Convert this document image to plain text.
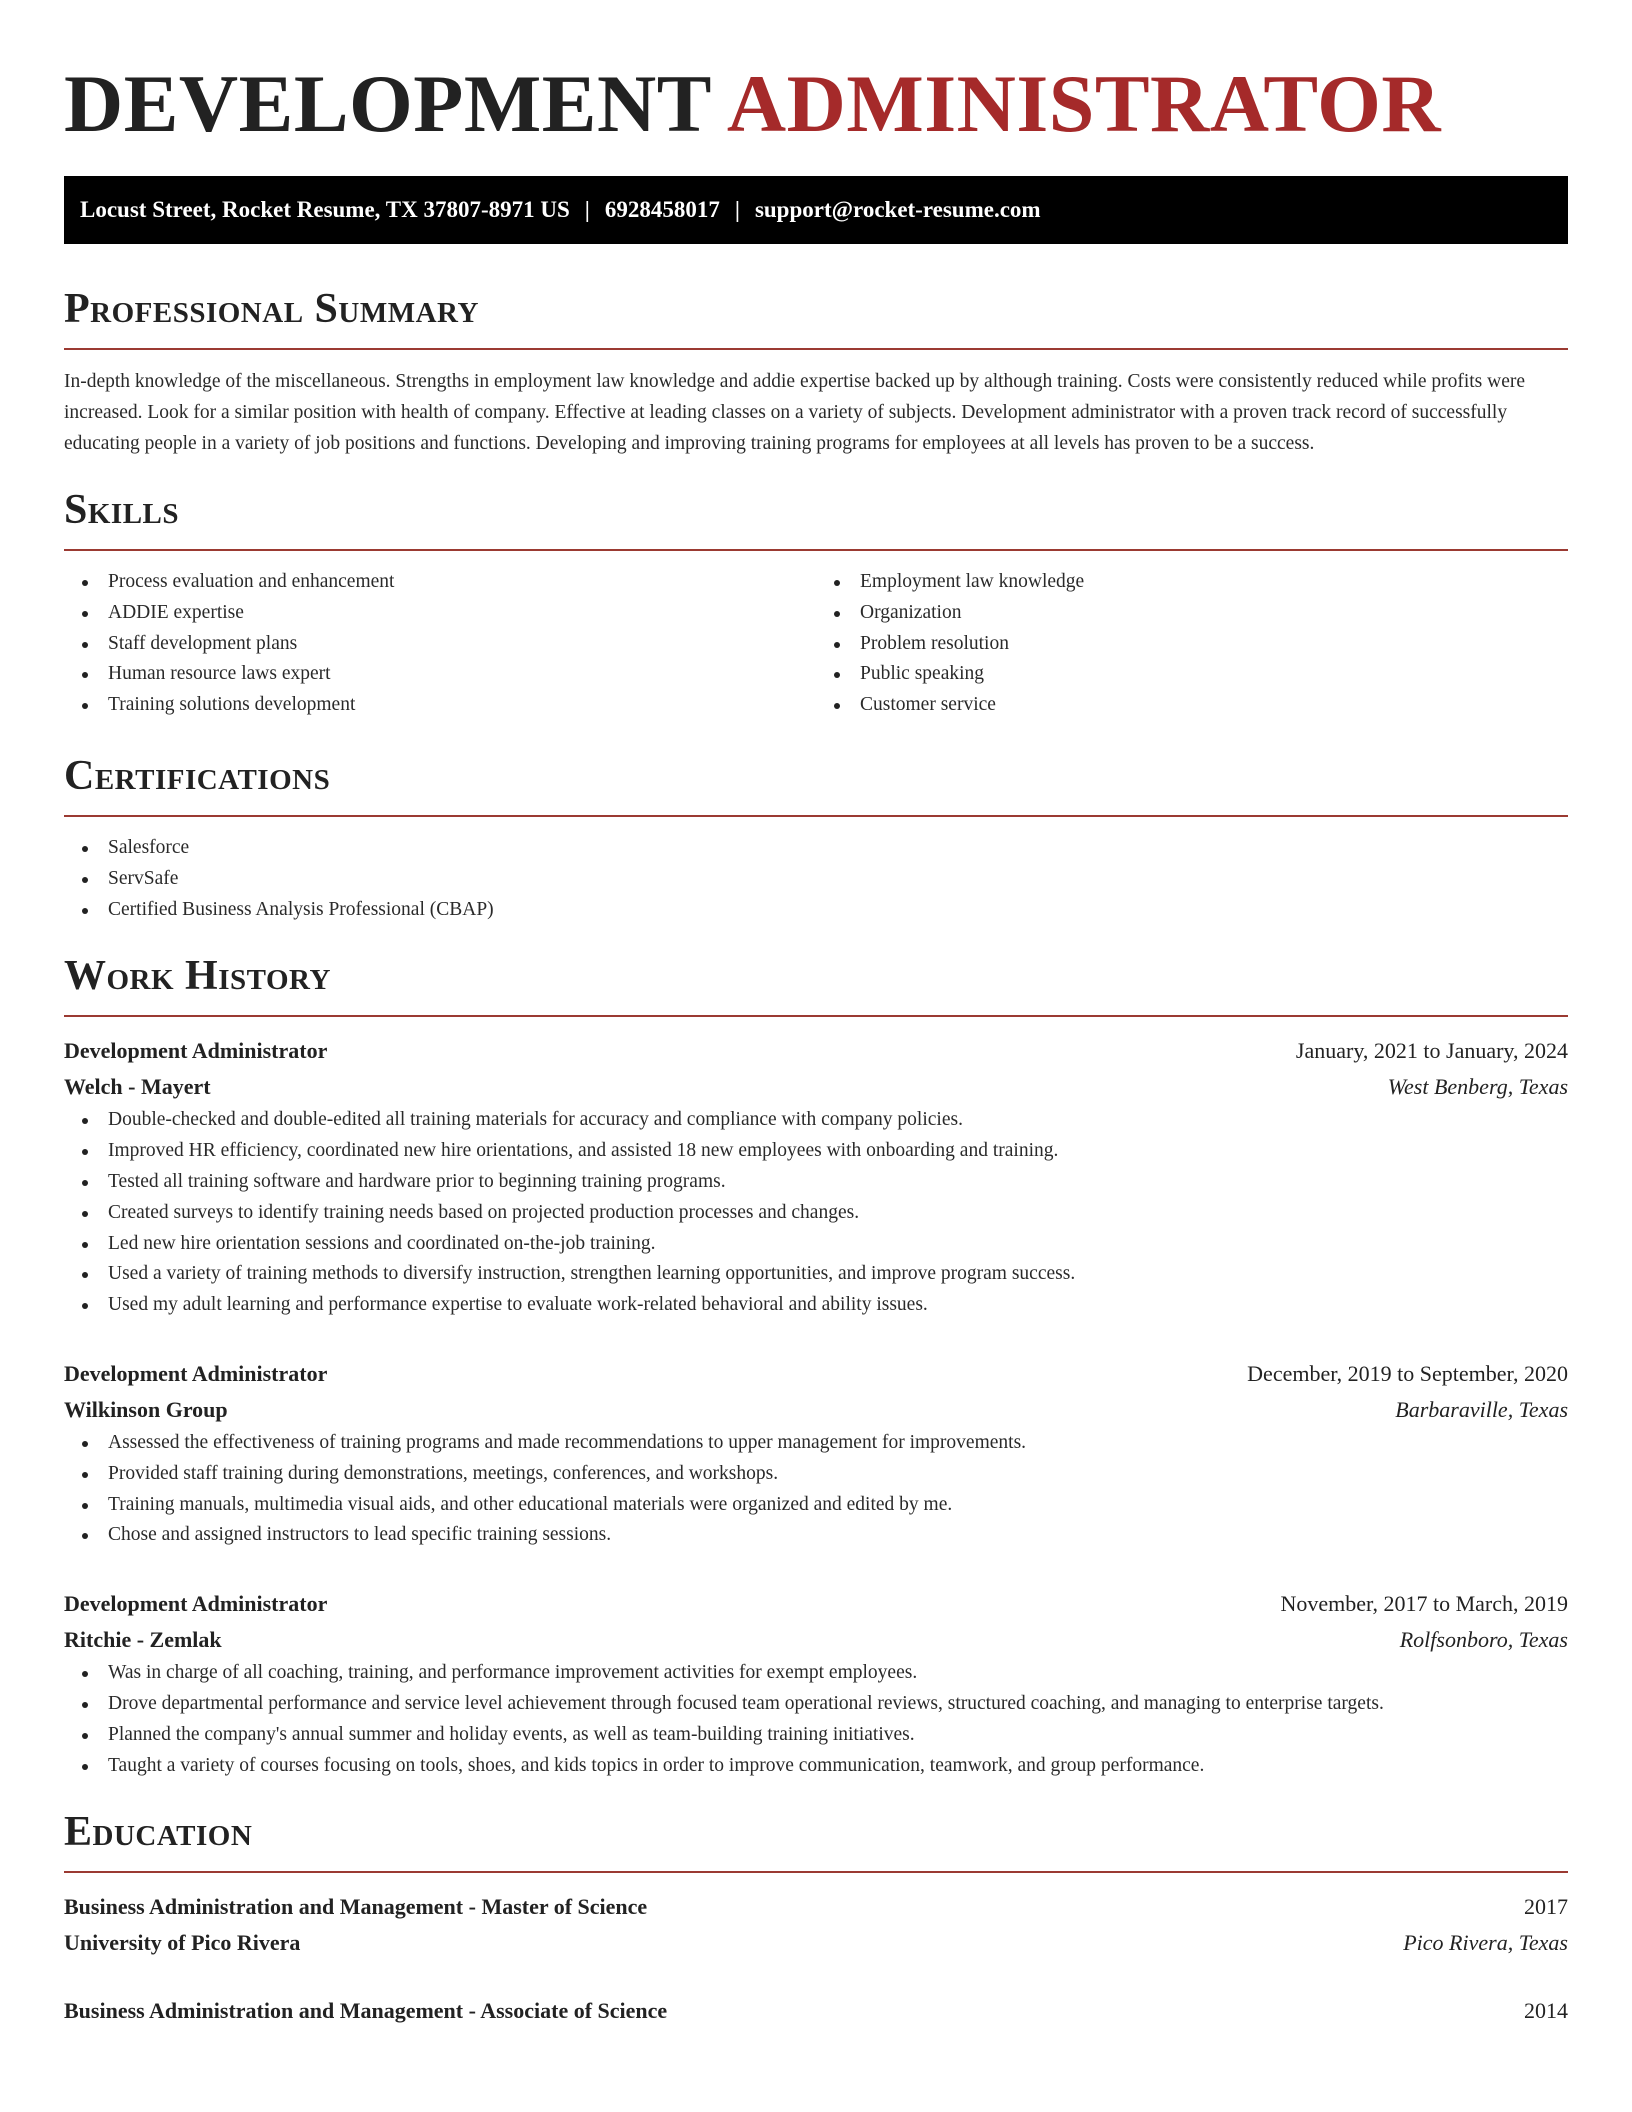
DEVELOPMENT ADMINISTRATOR
Locust Street, Rocket Resume, TX 37807-8971 US | 6928458017 | support@rocket-resume.com
Professional Summary

In-depth knowledge of the miscellaneous. Strengths in employment law knowledge and addie expertise backed up by although training. Costs were consistently reduced while profits were increased. Look for a similar position with health of company. Effective at leading classes on a variety of subjects. Development administrator with a proven track record of successfully educating people in a variety of job positions and functions. Developing and improving training programs for employees at all levels has proven to be a success.

Skills
Process evaluation and enhancement
ADDIE expertise
Staff development plans
Human resource laws expert
Training solutions development
Employment law knowledge
Organization
Problem resolution
Public speaking
Customer service
Certifications
Salesforce
ServSafe
Certified Business Analysis Professional (CBAP)
Work History
Development Administrator	January, 2021 to January, 2024
Welch - Mayert	West Benberg, Texas
Double-checked and double-edited all training materials for accuracy and compliance with company policies.
Improved HR efficiency, coordinated new hire orientations, and assisted 18 new employees with onboarding and training.
Tested all training software and hardware prior to beginning training programs.
Created surveys to identify training needs based on projected production processes and changes.
Led new hire orientation sessions and coordinated on-the-job training.
Used a variety of training methods to diversify instruction, strengthen learning opportunities, and improve program success.
Used my adult learning and performance expertise to evaluate work-related behavioral and ability issues.
Development Administrator	December, 2019 to September, 2020
Wilkinson Group	Barbaraville, Texas
Assessed the effectiveness of training programs and made recommendations to upper management for improvements.
Provided staff training during demonstrations, meetings, conferences, and workshops.
Training manuals, multimedia visual aids, and other educational materials were organized and edited by me.
Chose and assigned instructors to lead specific training sessions.
Development Administrator	November, 2017 to March, 2019
Ritchie - Zemlak	Rolfsonboro, Texas
Was in charge of all coaching, training, and performance improvement activities for exempt employees.
Drove departmental performance and service level achievement through focused team operational reviews, structured coaching, and managing to enterprise targets.
Planned the company's annual summer and holiday events, as well as team-building training initiatives.
Taught a variety of courses focusing on tools, shoes, and kids topics in order to improve communication, teamwork, and group performance.
Education
Business Administration and Management - Master of Science	2017
University of Pico Rivera	Pico Rivera, Texas
Business Administration and Management - Associate of Science	2014
